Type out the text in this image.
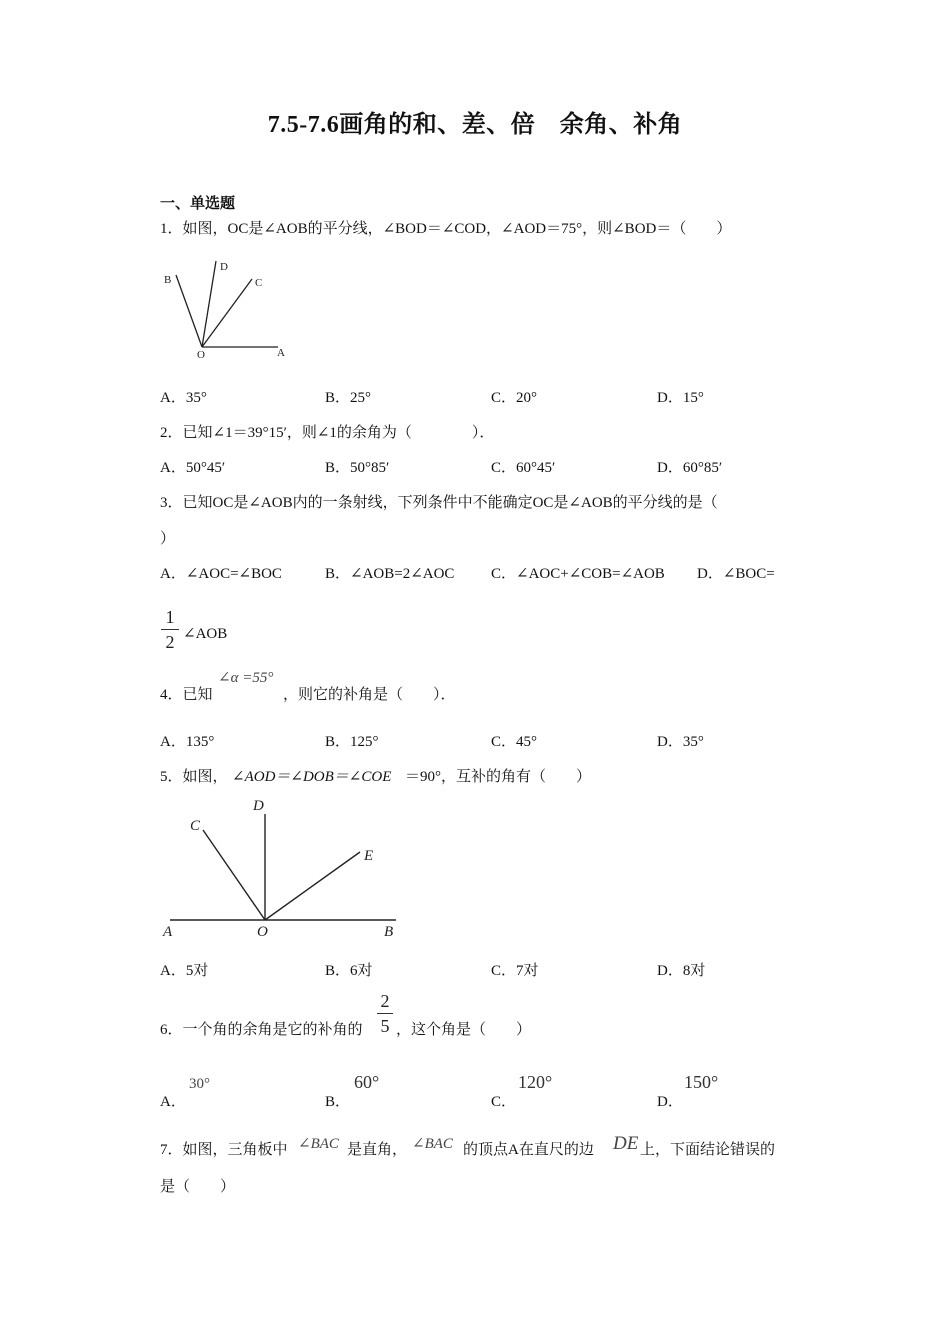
7.5-7.6画角的和、差、倍　余角、补角
一、单选题
1．如图，OC是∠AOB的平分线，∠BOD＝∠COD，∠AOD＝75°，则∠BOD＝（　　）
B
D
C
O	A
A．35°	B．25°	C．20°	D．15°
2．已知∠1＝39°15′，则∠1的余角为（　　　　）．
A．50°45′	B．50°85′	C．60°45′	D．60°85′
3．已知OC是∠AOB内的一条射线，下列条件中不能确定OC是∠AOB的平分线的是（
）
A．∠AOC=∠BOC	B．∠AOB=2∠AOC C．∠AOC+∠COB=∠AOB D．∠BOC=
1
2 ∠AOB
4．已知
∠α =55°
，则它的补角是（　　）．
A．135°	B．125°	C．45°	D．35°
5．如图， ∠AOD＝∠DOB＝∠COE ＝90°，互补的角有（　　）
C
D
E
A	O	B
A．5对	B．6对	C．7对	D．8对
6．一个角的余角是它的补角的
2
5 ，这个角是（　　）
A．
30°
B．
60°
C．
120°
D．
150°
7．如图，三角板中 ∠BAC 是直角， ∠BAC 的顶点A在直尺的边 DE 上，下面结论错误的
是（　　）
